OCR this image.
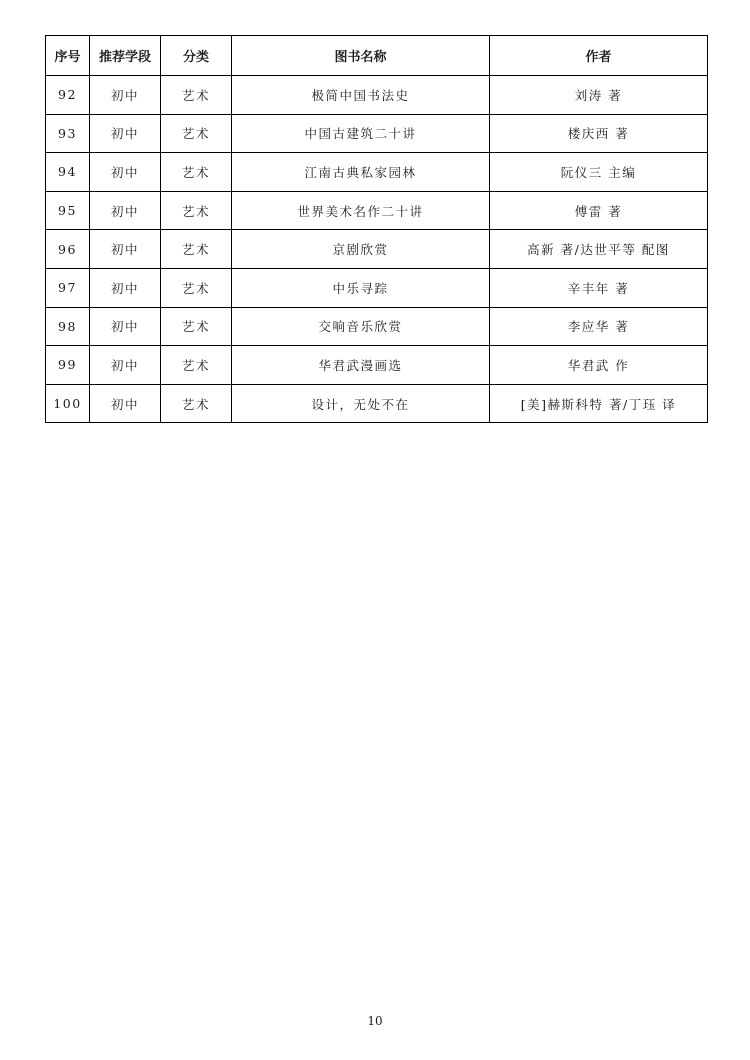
序号	推荐学段	分类	图书名称	作者
92	初中	艺术	极简中国书法史	刘涛 著
93	初中	艺术	中国古建筑二十讲	楼庆西 著
94	初中	艺术	江南古典私家园林	阮仪三 主编
95	初中	艺术	世界美术名作二十讲	傅雷 著
96	初中	艺术	京剧欣赏	高新 著/达世平等 配图
97	初中	艺术	中乐寻踪	辛丰年 著
98	初中	艺术	交响音乐欣赏	李应华 著
99	初中	艺术	华君武漫画选	华君武 作
100	初中	艺术	设计，无处不在	[美]赫斯科特 著/丁珏 译
10
